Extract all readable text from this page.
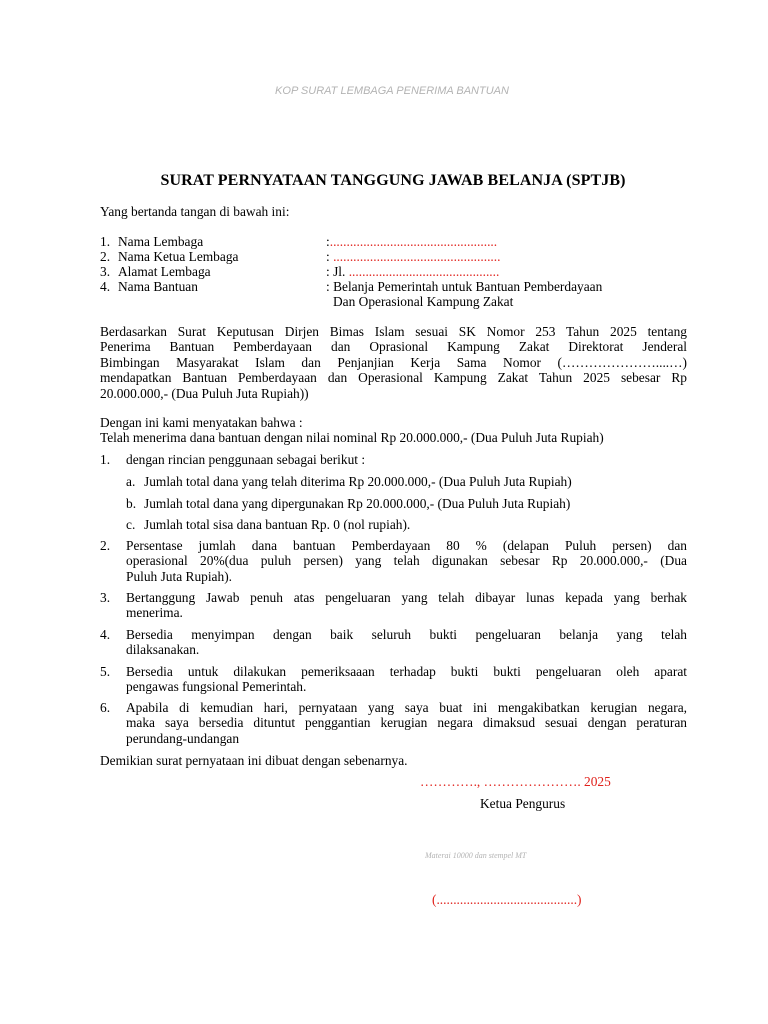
KOP SURAT LEMBAGA PENERIMA BANTUAN
SURAT PERNYATAAN TANGGUNG JAWAB BELANJA (SPTJB)
Yang bertanda tangan di bawah ini:
1. Nama Lembaga	:..................................................
2. Nama Ketua Lembaga	: ..................................................
3. Alamat Lembaga	: Jl. .............................................
4. Nama Bantuan	: Belanja Pemerintah untuk Bantuan Pemberdayaan
Dan Operasional Kampung Zakat
Berdasarkan Surat Keputusan Dirjen Bimas Islam sesuai SK Nomor 253 Tahun 2025 tentang
Penerima Bantuan Pemberdayaan dan Oprasional Kampung Zakat Direktorat Jenderal
Bimbingan Masyarakat Islam dan Penjanjian Kerja Sama Nomor (…………………....…)
mendapatkan Bantuan Pemberdayaan dan Operasional Kampung Zakat Tahun 2025 sebesar Rp
20.000.000,- (Dua Puluh Juta Rupiah))
Dengan ini kami menyatakan bahwa :
Telah menerima dana bantuan dengan nilai nominal Rp 20.000.000,- (Dua Puluh Juta Rupiah)
1. dengan rincian penggunaan sebagai berikut :
a. Jumlah total dana yang telah diterima Rp 20.000.000,- (Dua Puluh Juta Rupiah)
b. Jumlah total dana yang dipergunakan Rp 20.000.000,- (Dua Puluh Juta Rupiah)
c. Jumlah total sisa dana bantuan Rp. 0 (nol rupiah).
2. Persentase jumlah dana bantuan Pemberdayaan 80 % (delapan Puluh persen) dan
operasional 20%(dua puluh persen) yang telah digunakan sebesar Rp 20.000.000,- (Dua
Puluh Juta Rupiah).
3. Bertanggung Jawab penuh atas pengeluaran yang telah dibayar lunas kepada yang berhak
menerima.
4. Bersedia menyimpan dengan baik seluruh bukti pengeluaran belanja yang telah
dilaksanakan.
5. Bersedia untuk dilakukan pemeriksaaan terhadap bukti bukti pengeluaran oleh aparat
pengawas fungsional Pemerintah.
6. Apabila di kemudian hari, pernyataan yang saya buat ini mengakibatkan kerugian negara,
maka saya bersedia dituntut penggantian kerugian negara dimaksud sesuai dengan peraturan
perundang-undangan
Demikian surat pernyataan ini dibuat dengan sebenarnya.
…………., …………………. 2025
Ketua Pengurus
Materai 10000 dan stempel MT
(..........................................)
